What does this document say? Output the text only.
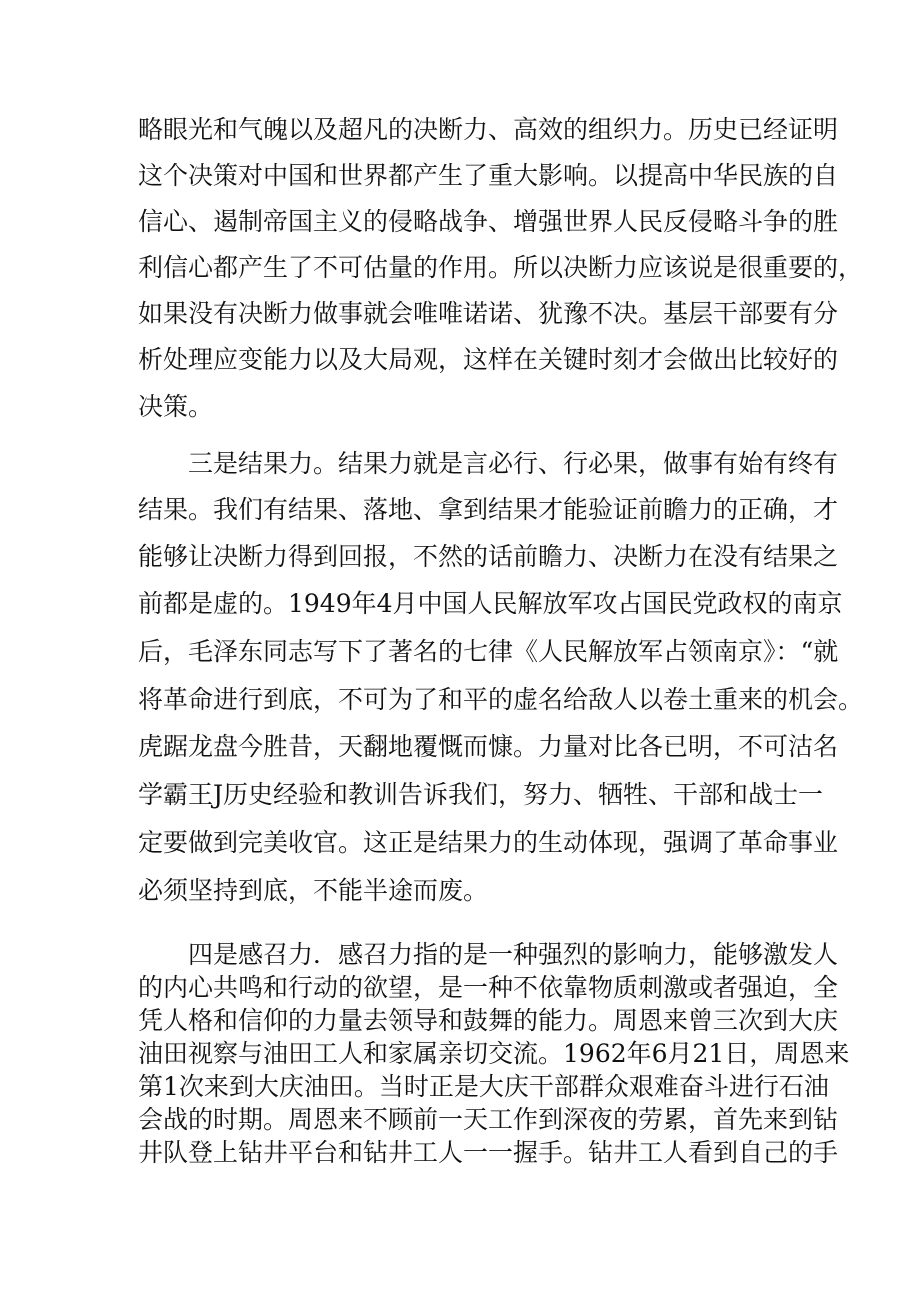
略眼光和气魄以及超凡的决断力、高效的组织力。历史已经证明
这个决策对中国和世界都产生了重大影响。以提高中华民族的自
信心、遏制帝国主义的侵略战争、增强世界人民反侵略斗争的胜
利信心都产生了不可估量的作用。所以决断力应该说是很重要的，
如果没有决断力做事就会唯唯诺诺、犹豫不决。基层干部要有分
析处理应变能力以及大局观，这样在关键时刻才会做出比较好的
决策。
三是结果力。结果力就是言必行、行必果，做事有始有终有
结果。我们有结果、落地、拿到结果才能验证前瞻力的正确，才
能够让决断力得到回报，不然的话前瞻力、决断力在没有结果之
前都是虚的。1949年4月中国人民解放军攻占国民党政权的南京
后，毛泽东同志写下了著名的七律《人民解放军占领南京》：“就
将革命进行到底，不可为了和平的虚名给敌人以卷土重来的机会。
虎踞龙盘今胜昔，天翻地覆慨而慷。力量对比各已明，不可沽名
学霸王J历史经验和教训告诉我们，努力、牺牲、干部和战士一
定要做到完美收官。这正是结果力的生动体现，强调了革命事业
必须坚持到底，不能半途而废。
四是感召力．感召力指的是一种强烈的影响力，能够激发人
的内心共鸣和行动的欲望，是一种不依靠物质刺激或者强迫，全
凭人格和信仰的力量去领导和鼓舞的能力。周恩来曾三次到大庆
油田视察与油田工人和家属亲切交流。1962年6月21日，周恩来
第1次来到大庆油田。当时正是大庆干部群众艰难奋斗进行石油
会战的时期。周恩来不顾前一天工作到深夜的劳累，首先来到钻
井队登上钻井平台和钻井工人一一握手。钻井工人看到自己的手
